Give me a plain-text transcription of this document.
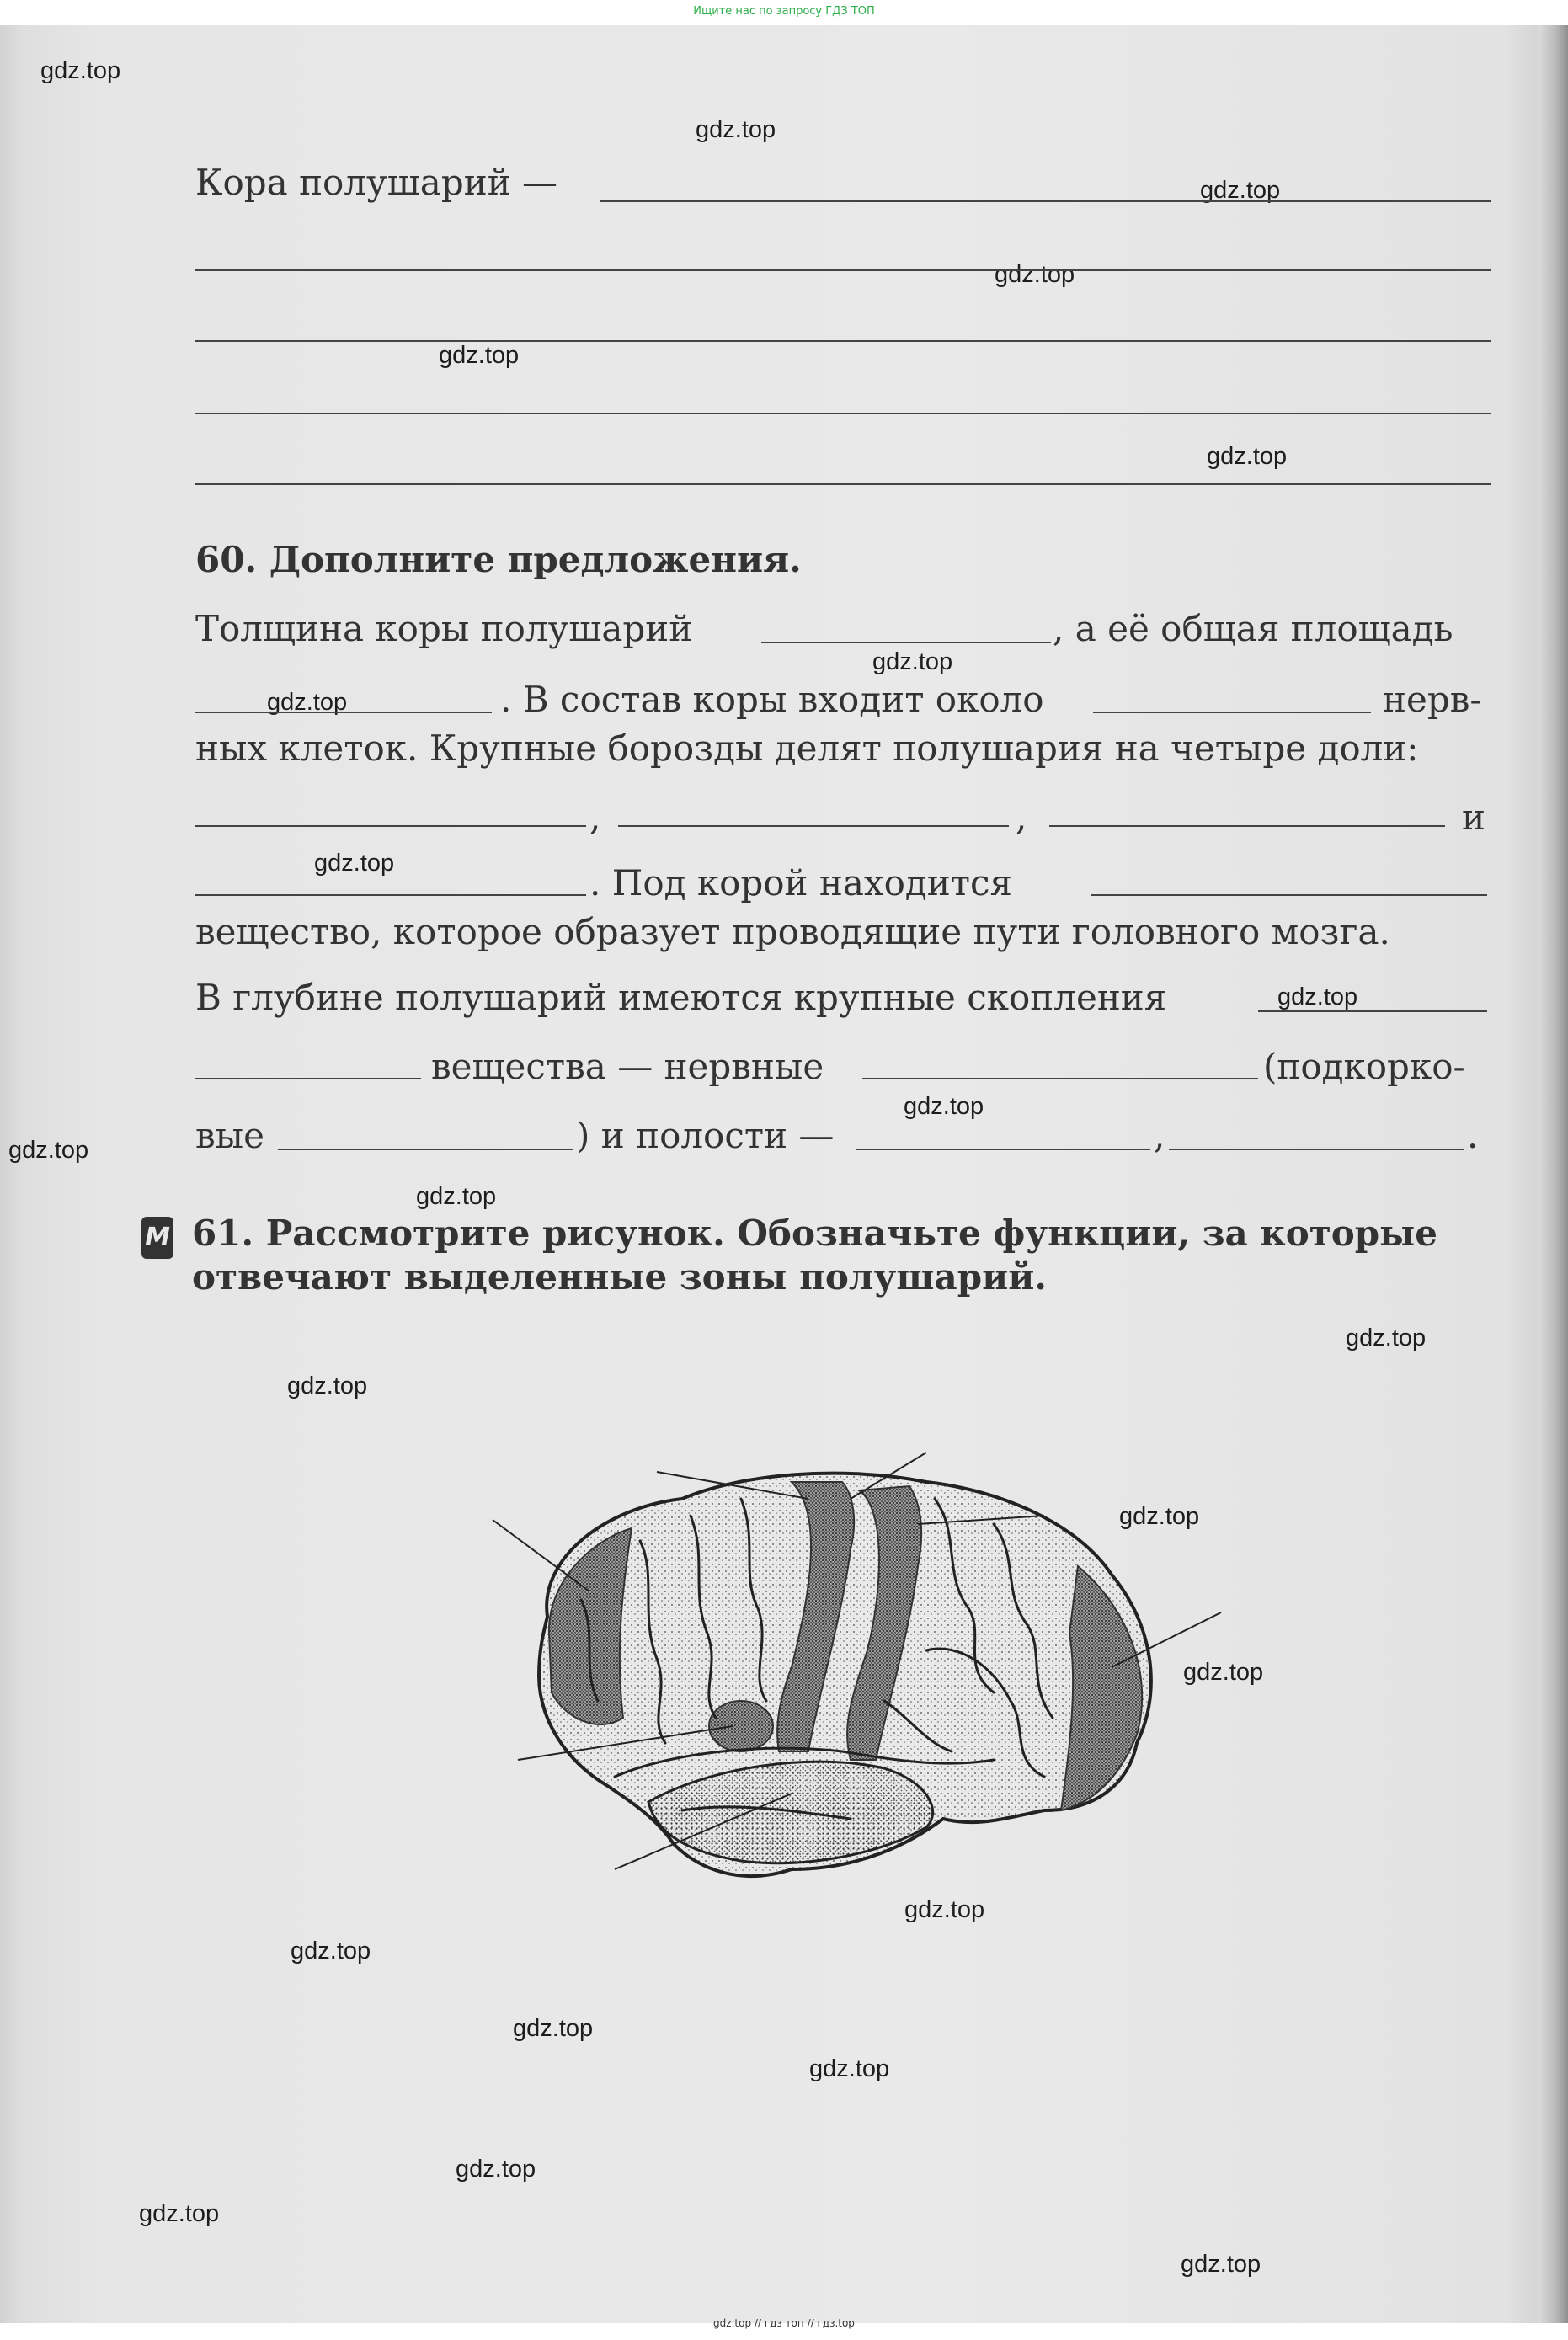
Ищите нас по запросу ГДЗ ТОП
gdz.top
gdz.top
gdz.top
gdz.top
gdz.top
gdz.top
gdz.top
gdz.top
gdz.top
gdz.top
gdz.top
gdz.top
gdz.top
gdz.top
gdz.top
gdz.top
gdz.top
gdz.top
gdz.top
gdz.top
gdz.top
gdz.top
gdz.top
gdz.top
Кора полушарий —
60. Дополните предложения.
Толщина коры полушарий	, а её общая площадь
. В состав коры входит около	нерв-
ных клеток. Крупные борозды делят полушария на четыре доли:
,	,	и
. Под корой находится
вещество, которое образует проводящие пути головного мозга.
В глубине полушарий имеются крупные скопления
вещества — нервные	(подкорко-
вые	) и полости —	,	.
М 61. Рассмотрите рисунок. Обозначьте функции, за которые
отвечают выделенные зоны полушарий.
gdz.top // гдз топ // гдз.top
